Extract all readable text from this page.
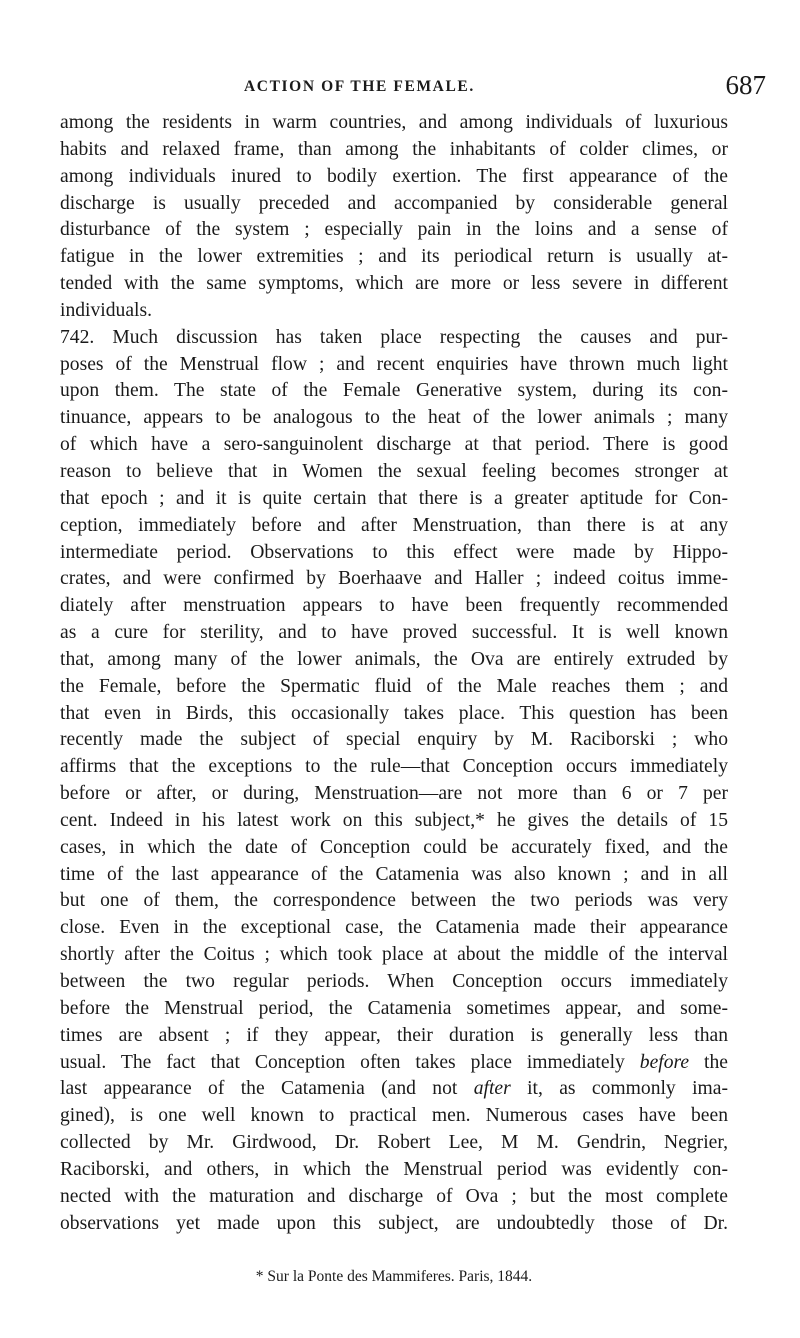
ACTION OF THE FEMALE.	687
among the residents in warm countries, and among individuals of luxurious
habits and relaxed frame, than among the inhabitants of colder climes, or
among individuals inured to bodily exertion. The first appearance of the
discharge is usually preceded and accompanied by considerable general
disturbance of the system ; especially pain in the loins and a sense of
fatigue in the lower extremities ; and its periodical return is usually at-
tended with the same symptoms, which are more or less severe in different
individuals.
742. Much discussion has taken place respecting the causes and pur-
poses of the Menstrual flow ; and recent enquiries have thrown much light
upon them. The state of the Female Generative system, during its con-
tinuance, appears to be analogous to the heat of the lower animals ; many
of which have a sero-sanguinolent discharge at that period. There is good
reason to believe that in Women the sexual feeling becomes stronger at
that epoch ; and it is quite certain that there is a greater aptitude for Con-
ception, immediately before and after Menstruation, than there is at any
intermediate period. Observations to this effect were made by Hippo-
crates, and were confirmed by Boerhaave and Haller ; indeed coitus imme-
diately after menstruation appears to have been frequently recommended
as a cure for sterility, and to have proved successful. It is well known
that, among many of the lower animals, the Ova are entirely extruded by
the Female, before the Spermatic fluid of the Male reaches them ; and
that even in Birds, this occasionally takes place. This question has been
recently made the subject of special enquiry by M. Raciborski ; who
affirms that the exceptions to the rule—that Conception occurs immediately
before or after, or during, Menstruation—are not more than 6 or 7 per
cent. Indeed in his latest work on this subject,* he gives the details of 15
cases, in which the date of Conception could be accurately fixed, and the
time of the last appearance of the Catamenia was also known ; and in all
but one of them, the correspondence between the two periods was very
close. Even in the exceptional case, the Catamenia made their appearance
shortly after the Coitus ; which took place at about the middle of the interval
between the two regular periods. When Conception occurs immediately
before the Menstrual period, the Catamenia sometimes appear, and some-
times are absent ; if they appear, their duration is generally less than
usual. The fact that Conception often takes place immediately before the
last appearance of the Catamenia (and not after it, as commonly ima-
gined), is one well known to practical men. Numerous cases have been
collected by Mr. Girdwood, Dr. Robert Lee, M M. Gendrin, Negrier,
Raciborski, and others, in which the Menstrual period was evidently con-
nected with the maturation and discharge of Ova ; but the most complete
observations yet made upon this subject, are undoubtedly those of Dr.
* Sur la Ponte des Mammiferes. Paris, 1844.
